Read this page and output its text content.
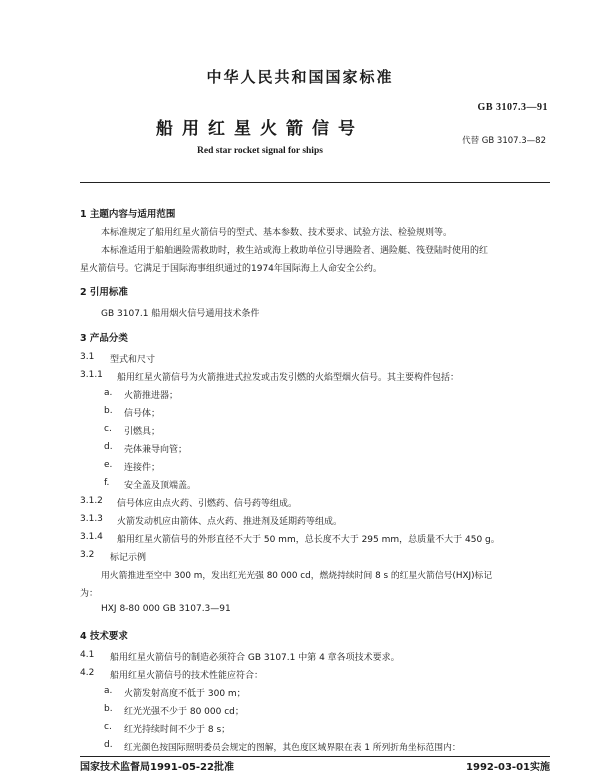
中华人民共和国国家标准
GB 3107.3—91
船用红星火箭信号
代替 GB 3107.3—82
Red star rocket signal for ships
1 主题内容与适用范围
本标准规定了船用红星火箭信号的型式、基本参数、技术要求、试验方法、检验规则等。
本标准适用于船舶遇险需救助时，救生站或海上救助单位引导遇险者、遇险艇、筏登陆时使用的红
星火箭信号。它满足于国际海事组织通过的1974年国际海上人命安全公约。
2 引用标准
GB 3107.1 船用烟火信号通用技术条件
3 产品分类
3.1 型式和尺寸
3.1.1 船用红星火箭信号为火箭推进式拉发或击发引燃的火焰型烟火信号。其主要构件包括：
a. 火箭推进器；
b. 信号体；
c. 引燃具；
d. 壳体兼导向管；
e. 连接件；
f. 安全盖及顶端盖。
3.1.2 信号体应由点火药、引燃药、信号药等组成。
3.1.3 火箭发动机应由箭体、点火药、推进剂及延期药等组成。
3.1.4 船用红星火箭信号的外形直径不大于 50 mm，总长度不大于 295 mm，总质量不大于 450 g。
3.2 标记示例
用火箭推进至空中 300 m，发出红光光强 80 000 cd，燃烧持续时间 8 s 的红星火箭信号(HXJ)标记
为：
HXJ 8-80 000 GB 3107.3—91
4 技术要求
4.1 船用红星火箭信号的制造必须符合 GB 3107.1 中第 4 章各项技术要求。
4.2 船用红星火箭信号的技术性能应符合：
a. 火箭发射高度不低于 300 m；
b. 红光光强不少于 80 000 cd；
c. 红光持续时间不少于 8 s；
d. 红光颜色按国际照明委员会规定的图解，其色度区域界限在表 1 所列折角坐标范围内：
国家技术监督局1991-05-22批准	1992-03-01实施
